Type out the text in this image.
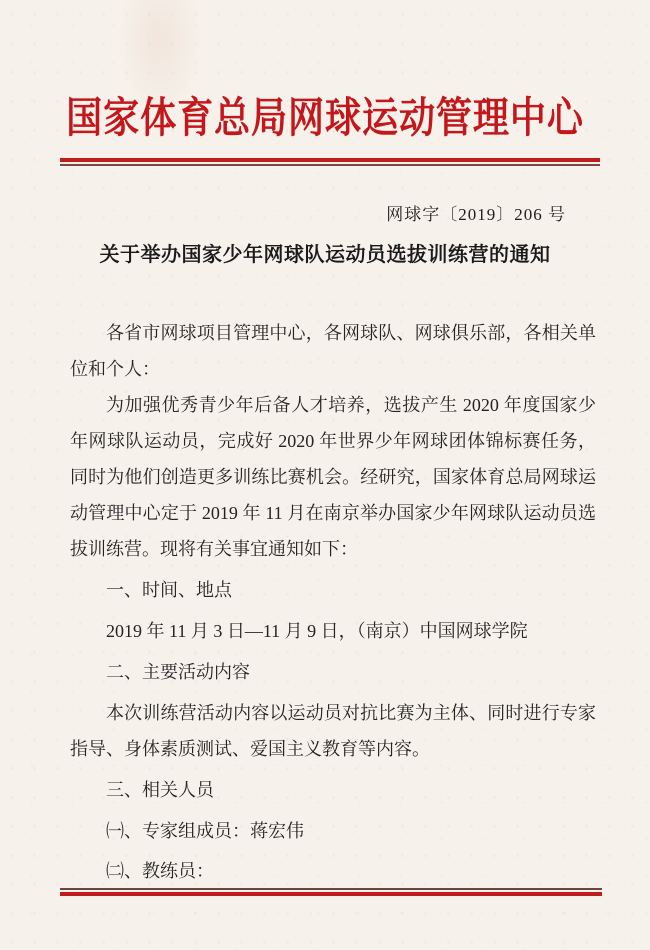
国家体育总局网球运动管理中心
网球字〔2019〕206 号
关于举办国家少年网球队运动员选拔训练营的通知

各省市网球项目管理中心，各网球队、网球俱乐部，各相关单位和个人：

为加强优秀青少年后备人才培养，选拔产生 2020 年度国家少年网球队运动员，完成好 2020 年世界少年网球团体锦标赛任务，同时为他们创造更多训练比赛机会。经研究，国家体育总局网球运动管理中心定于 2019 年 11 月在南京举办国家少年网球队运动员选拔训练营。现将有关事宜通知如下：

一、时间、地点

2019 年 11 月 3 日—11 月 9 日，（南京）中国网球学院

二、主要活动内容

本次训练营活动内容以运动员对抗比赛为主体、同时进行专家指导、身体素质测试、爱国主义教育等内容。

三、相关人员

㈠、专家组成员：蒋宏伟

㈡、教练员：
